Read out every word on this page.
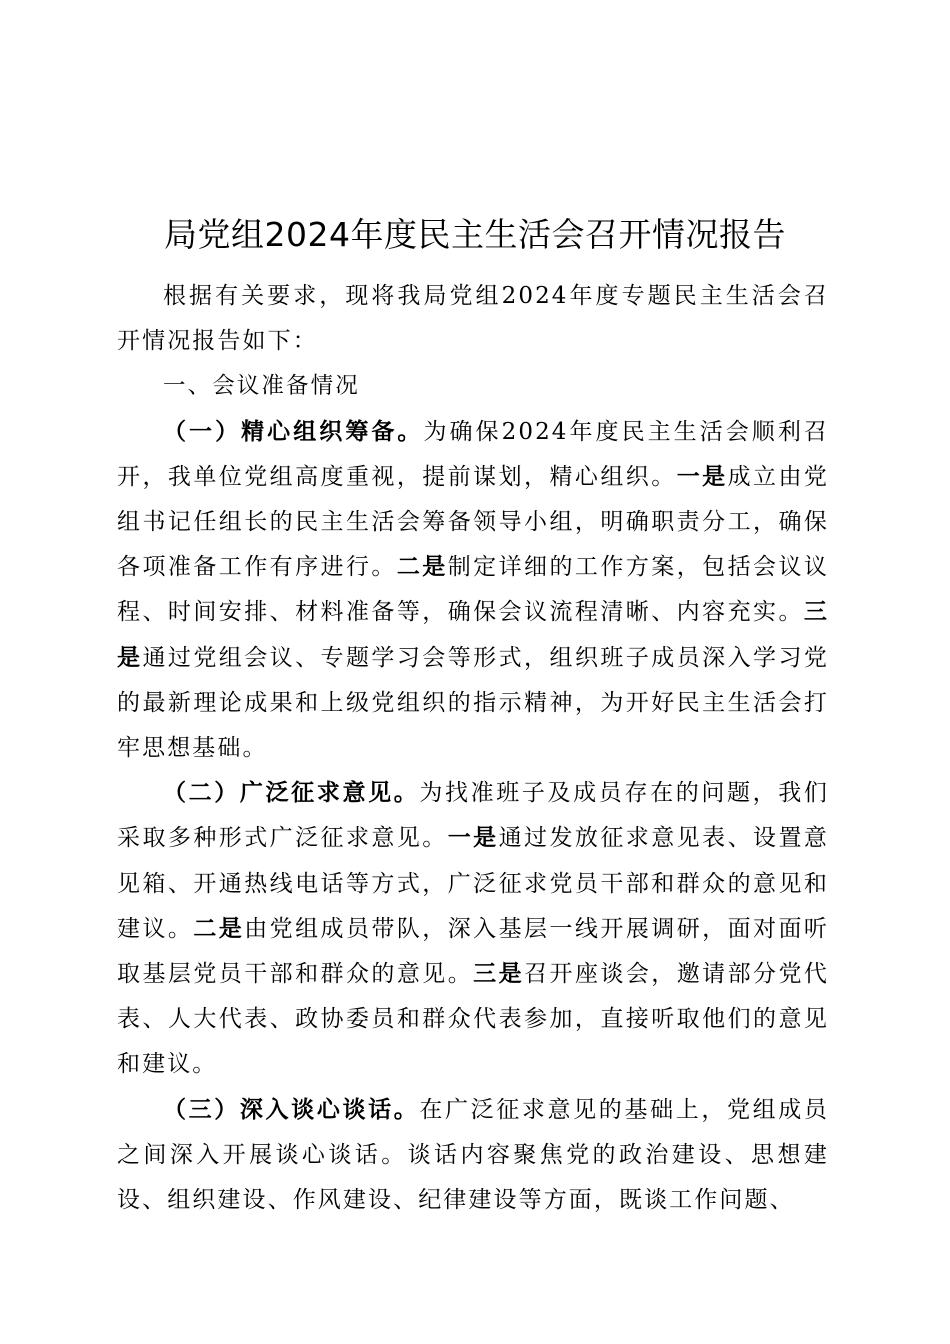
局党组2024年度民主生活会召开情况报告

根据有关要求，现将我局党组2024年度专题民主生活会召开情况报告如下：

一、会议准备情况

（一）精心组织筹备。为确保2024年度民主生活会顺利召开，我单位党组高度重视，提前谋划，精心组织。一是成立由党组书记任组长的民主生活会筹备领导小组，明确职责分工，确保各项准备工作有序进行。二是制定详细的工作方案，包括会议议程、时间安排、材料准备等，确保会议流程清晰、内容充实。三是通过党组会议、专题学习会等形式，组织班子成员深入学习党的最新理论成果和上级党组织的指示精神，为开好民主生活会打牢思想基础。

（二）广泛征求意见。为找准班子及成员存在的问题，我们采取多种形式广泛征求意见。一是通过发放征求意见表、设置意见箱、开通热线电话等方式，广泛征求党员干部和群众的意见和建议。二是由党组成员带队，深入基层一线开展调研，面对面听取基层党员干部和群众的意见。三是召开座谈会，邀请部分党代表、人大代表、政协委员和群众代表参加，直接听取他们的意见和建议。

（三）深入谈心谈话。在广泛征求意见的基础上，党组成员之间深入开展谈心谈话。谈话内容聚焦党的政治建设、思想建设、组织建设、作风建设、纪律建设等方面，既谈工作问题、
